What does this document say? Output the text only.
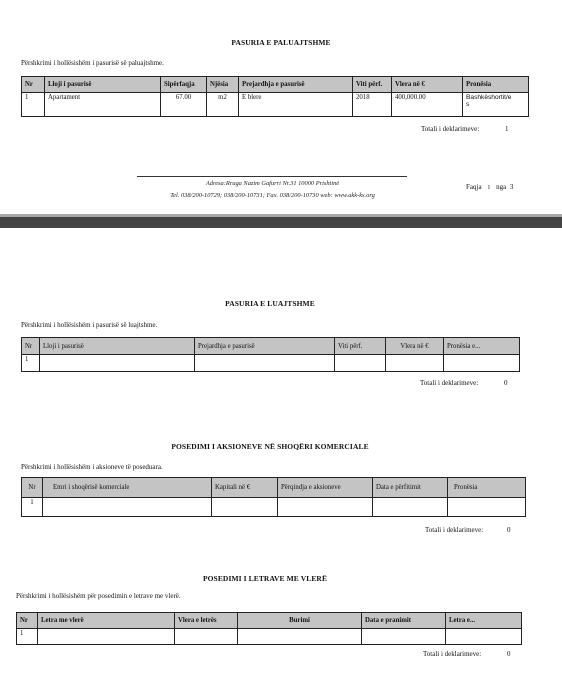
PASURIA E PALUAJTSHME
Përshkrimi i hollësishëm i pasurisë së paluajtshme.
Nr	Lloji i pasurisë	Sipërfaqja	Njësia	Prejardhja e pasurisë	Viti përf.	Vlera në €	Pronësia
1	Apartament	67.00	m2	E blere	2018	400,000.00	Bashkëshortit/e
s
Totali i deklarimeve:	1
Adresa:Rruga Nazim Gafurri Nr.31 10000 Prishtinë
Tel. 038/200-10729; 038/200-10731; Fax. 038/200-10730 web: www.akk-ks.org
Faqja 1 nga 3
PASURIA E LUAJTSHME
Përshkrimi i hollësishëm i pasurisë së luajtshme.
Nr	Lloji i pasurisë	Prejardhja e pasurisë	Viti përf.	Vlera në €	Pronësia e...
1					
Totali i deklarimeve:	0
POSEDIMI I AKSIONEVE NË SHOQËRI KOMERCIALE
Përshkrimi i hollësishëm i aksioneve të poseduara.
Nr	Emri i shoqërisë komerciale	Kapitali në €	Përqindja e aksioneve	Data e përfitimit	Pronësia
1					
Totali i deklarimeve:	0
POSEDIMI I LETRAVE ME VLERË
Përshkrimi i hollësishëm për posedimin e letrave me vlerë.
Nr	Letra me vlerë	Vlera e letrës	Burimi	Data e pranimit	Letra e...
1					
Totali i deklarimeve:	0
